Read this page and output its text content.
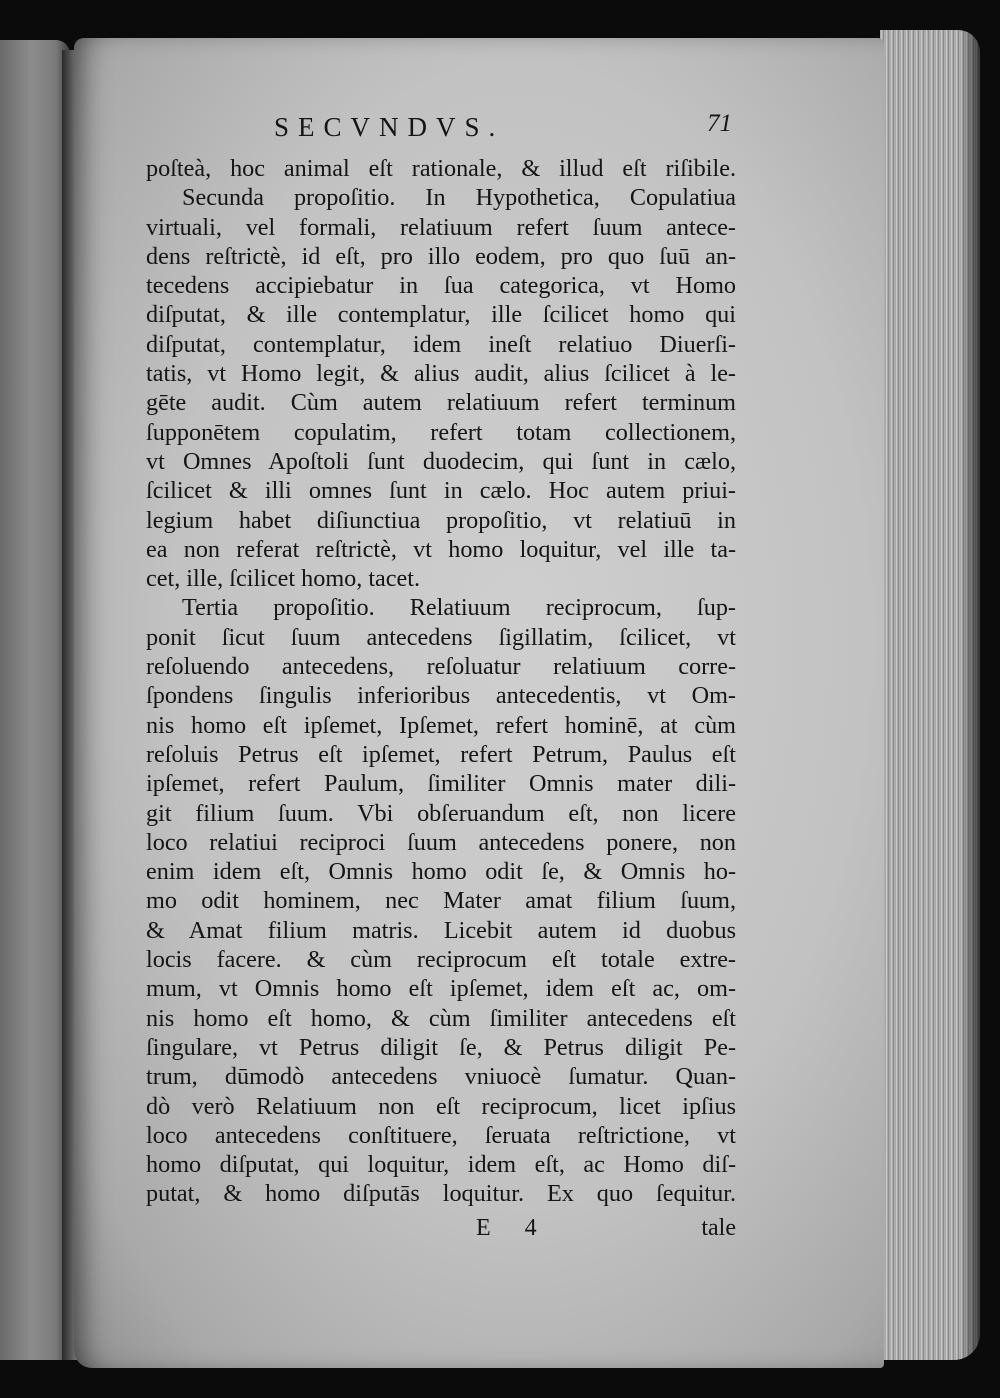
SECVNDVS.	71
poſteà, hoc animal eſt rationale, & illud eſt riſibile.
Secunda propoſitio. In Hypothetica, Copulatiua
virtuali, vel formali, relatiuum refert ſuum antece-
dens reſtrictè, id eſt, pro illo eodem, pro quo ſuū an-
tecedens accipiebatur in ſua categorica, vt Homo
diſputat, & ille contemplatur, ille ſcilicet homo qui
diſputat, contemplatur, idem ineſt relatiuo Diuerſi-
tatis, vt Homo legit, & alius audit, alius ſcilicet à le-
gēte audit. Cùm autem relatiuum refert terminum
ſupponētem copulatim, refert totam collectionem,
vt Omnes Apoſtoli ſunt duodecim, qui ſunt in cælo,
ſcilicet & illi omnes ſunt in cælo. Hoc autem priui-
legium habet diſiunctiua propoſitio, vt relatiuū in
ea non referat reſtrictè, vt homo loquitur, vel ille ta-
cet, ille, ſcilicet homo, tacet.
Tertia propoſitio. Relatiuum reciprocum, ſup-
ponit ſicut ſuum antecedens ſigillatim, ſcilicet, vt
reſoluendo antecedens, reſoluatur relatiuum corre-
ſpondens ſingulis inferioribus antecedentis, vt Om-
nis homo eſt ipſemet, Ipſemet, refert hominē, at cùm
reſoluis Petrus eſt ipſemet, refert Petrum, Paulus eſt
ipſemet, refert Paulum, ſimiliter Omnis mater dili-
git filium ſuum. Vbi obſeruandum eſt, non licere
loco relatiui reciproci ſuum antecedens ponere, non
enim idem eſt, Omnis homo odit ſe, & Omnis ho-
mo odit hominem, nec Mater amat filium ſuum,
& Amat filium matris. Licebit autem id duobus
locis facere. & cùm reciprocum eſt totale extre-
mum, vt Omnis homo eſt ipſemet, idem eſt ac, om-
nis homo eſt homo, & cùm ſimiliter antecedens eſt
ſingulare, vt Petrus diligit ſe, & Petrus diligit Pe-
trum, dūmodò antecedens vniuocè ſumatur. Quan-
dò verò Relatiuum non eſt reciprocum, licet ipſius
loco antecedens conſtituere, ſeruata reſtrictione, vt
homo diſputat, qui loquitur, idem eſt, ac Homo diſ-
putat, & homo diſputās loquitur. Ex quo ſequitur.
E 4	tale
